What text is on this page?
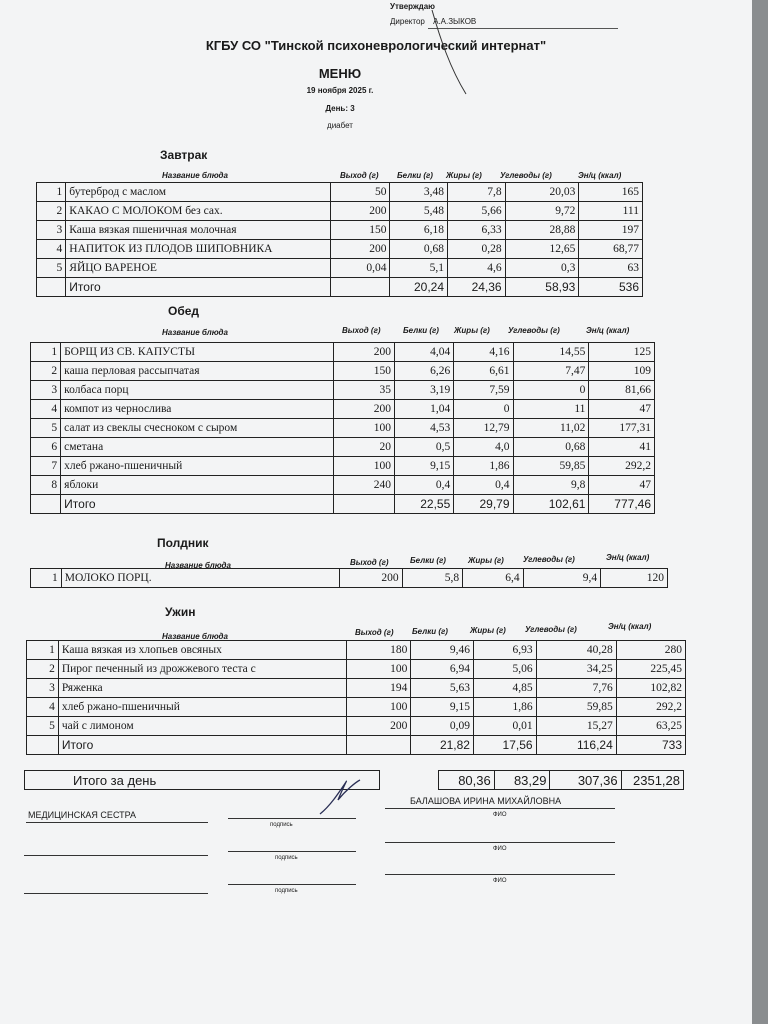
Утверждаю
Директор А.А.ЗЫКОВ
КГБУ СО "Тинской психоневрологический интернат"
МЕНЮ
19 ноября 2025 г.
День: 3
диабет
Завтрак
Название блюда	Выход (г) Белки (г) Жиры (г) Углеводы (г)	Эн/ц (ккал)
1	бутерброд с маслом	50	3,48	7,8	20,03	165
2	КАКАО С МОЛОКОМ без сах.	200	5,48	5,66	9,72	111
3	Каша вязкая пшеничная молочная	150	6,18	6,33	28,88	197
4	НАПИТОК ИЗ ПЛОДОВ ШИПОВНИКА	200	0,68	0,28	12,65	68,77
5	ЯЙЦО ВАРЕНОЕ	0,04	5,1	4,6	0,3	63
	Итого		20,24	24,36	58,93	536
Обед
Название блюда	Выход (г)	Белки (г) Жиры (г) Углеводы (г)	Эн/ц (ккал)
1	БОРЩ ИЗ СВ. КАПУСТЫ	200	4,04	4,16	14,55	125
2	каша перловая рассыпчатая	150	6,26	6,61	7,47	109
3	колбаса порц	35	3,19	7,59	0	81,66
4	компот из чернослива	200	1,04	0	11	47
5	салат из свеклы счесноком с сыром	100	4,53	12,79	11,02	177,31
6	сметана	20	0,5	4,0	0,68	41
7	хлеб ржано-пшеничный	100	9,15	1,86	59,85	292,2
8	яблоки	240	0,4	0,4	9,8	47
	Итого		22,55	29,79	102,61	777,46
Полдник
Название блюда	Выход (г)	Белки (г)	Жиры (г) Углеводы (г)	Эн/ц (ккал)
1	МОЛОКО ПОРЦ.	200	5,8	6,4	9,4	120
Ужин
Название блюда	Выход (г) Белки (г)	Жиры (г) Углеводы (г)	Эн/ц (ккал)
1	Каша вязкая из хлопьев овсяных	180	9,46	6,93	40,28	280
2	Пирог печенный из дрожжевого теста с	100	6,94	5,06	34,25	225,45
3	Ряженка	194	5,63	4,85	7,76	102,82
4	хлеб ржано-пшеничный	100	9,15	1,86	59,85	292,2
5	чай с лимоном	200	0,09	0,01	15,27	63,25
	Итого		21,82	17,56	116,24	733
Итого за день		80,36	83,29	307,36	2351,28
МЕДИЦИНСКАЯ СЕСТРА
подпись
БАЛАШОВА ИРИНА МИХАЙЛОВНА
ФИО
подпись
ФИО
подпись
ФИО
